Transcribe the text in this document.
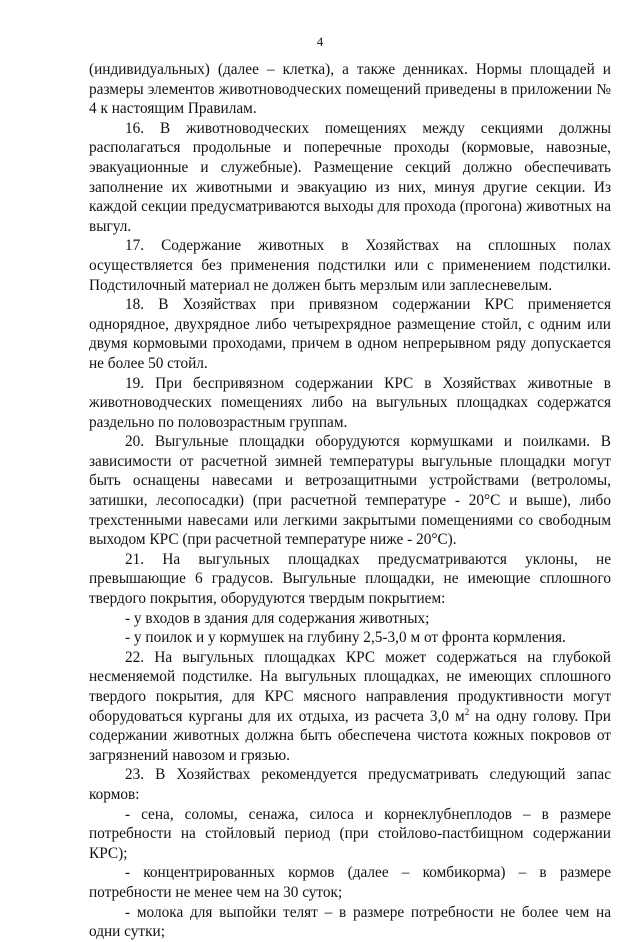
4

(индивидуальных) (далее – клетка), а также денниках. Нормы площадей и размеры элементов животноводческих помещений приведены в приложении № 4 к настоящим Правилам.

16. В животноводческих помещениях между секциями должны располагаться продольные и поперечные проходы (кормовые, навозные, эвакуационные и служебные). Размещение секций должно обеспечивать заполнение их животными и эвакуацию из них, минуя другие секции. Из каждой секции предусматриваются выходы для прохода (прогона) животных на выгул.

17. Содержание животных в Хозяйствах на сплошных полах осуществляется без применения подстилки или с применением подстилки. Подстилочный материал не должен быть мерзлым или заплесневелым.

18. В Хозяйствах при привязном содержании КРС применяется однорядное, двухрядное либо четырехрядное размещение стойл, с одним или двумя кормовыми проходами, причем в одном непрерывном ряду допускается не более 50 стойл.

19. При беспривязном содержании КРС в Хозяйствах животные в животноводческих помещениях либо на выгульных площадках содержатся раздельно по половозрастным группам.

20. Выгульные площадки оборудуются кормушками и поилками. В зависимости от расчетной зимней температуры выгульные площадки могут быть оснащены навесами и ветрозащитными устройствами (ветроломы, затишки, лесопосадки) (при расчетной температуре - 20°С и выше), либо трехстенными навесами или легкими закрытыми помещениями со свободным выходом КРС (при расчетной температуре ниже - 20°С).

21. На выгульных площадках предусматриваются уклоны, не превышающие 6 градусов. Выгульные площадки, не имеющие сплошного твердого покрытия, оборудуются твердым покрытием:

- у входов в здания для содержания животных;

- у поилок и у кормушек на глубину 2,5-3,0 м от фронта кормления.

22. На выгульных площадках КРС может содержаться на глубокой несменяемой подстилке. На выгульных площадках, не имеющих сплошного твердого покрытия, для КРС мясного направления продуктивности могут оборудоваться курганы для их отдыха, из расчета 3,0 $м^2$ на одну голову. При содержании животных должна быть обеспечена чистота кожных покровов от загрязнений навозом и грязью.

23. В Хозяйствах рекомендуется предусматривать следующий запас кормов:

- сена, соломы, сенажа, силоса и корнеклубнеплодов – в размере потребности на стойловый период (при стойлово-пастбищном содержании КРС);

- концентрированных кормов (далее – комбикорма) – в размере потребности не менее чем на 30 суток;

- молока для выпойки телят – в размере потребности не более чем на одни сутки;
